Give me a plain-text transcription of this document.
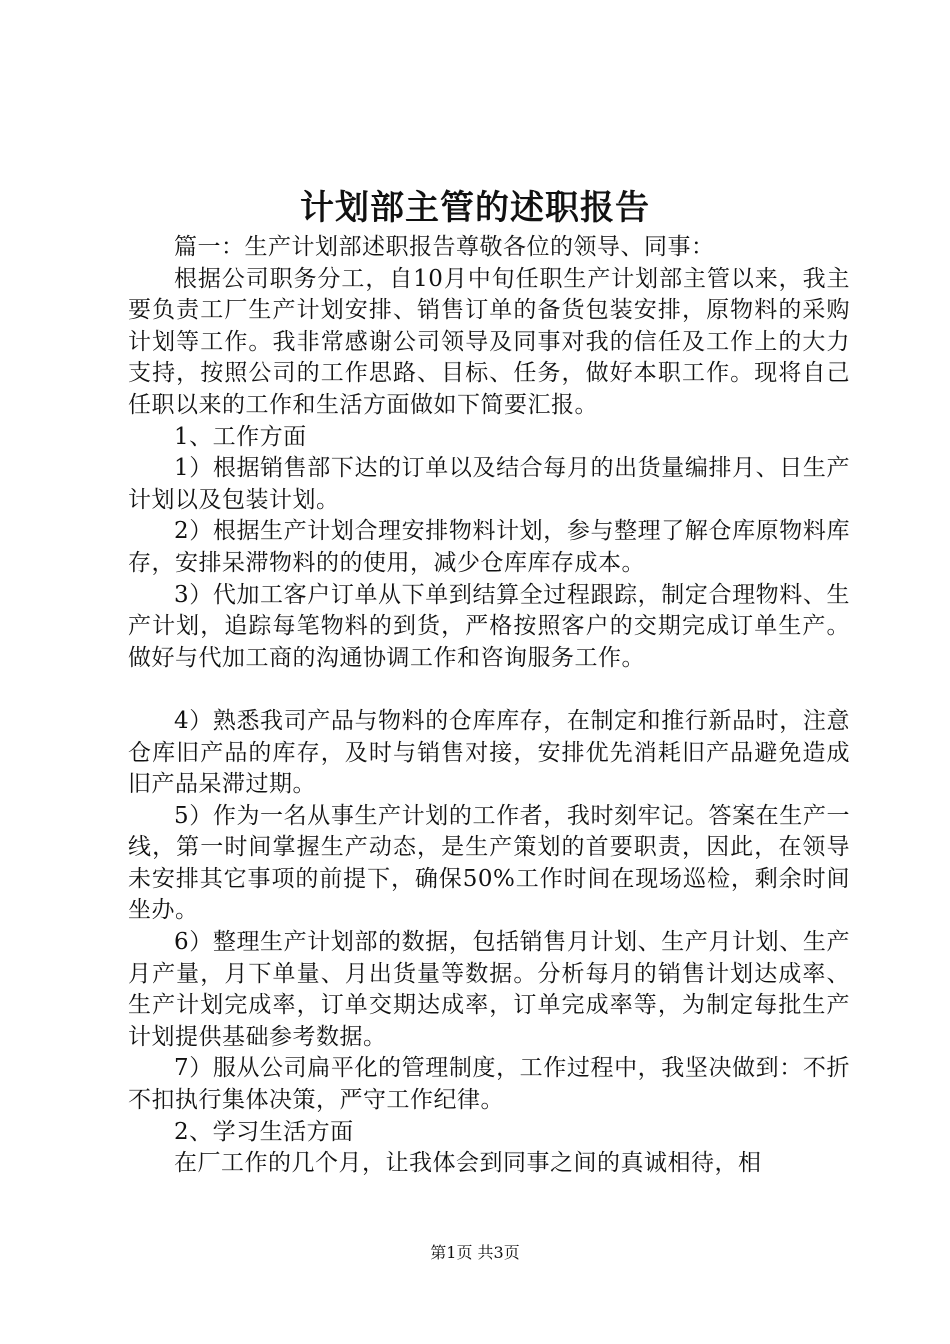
计划部主管的述职报告

篇一：生产计划部述职报告尊敬各位的领导、同事：

根据公司职务分工，自10月中旬任职生产计划部主管以来，我主要负责工厂生产计划安排、销售订单的备货包装安排，原物料的采购计划等工作。我非常感谢公司领导及同事对我的信任及工作上的大力支持，按照公司的工作思路、目标、任务，做好本职工作。现将自己任职以来的工作和生活方面做如下简要汇报。

1、工作方面

1）根据销售部下达的订单以及结合每月的出货量编排月、日生产计划以及包装计划。

2）根据生产计划合理安排物料计划，参与整理了解仓库原物料库存，安排呆滞物料的的使用，减少仓库库存成本。

3）代加工客户订单从下单到结算全过程跟踪，制定合理物料、生产计划，追踪每笔物料的到货，严格按照客户的交期完成订单生产。做好与代加工商的沟通协调工作和咨询服务工作。

4）熟悉我司产品与物料的仓库库存，在制定和推行新品时，注意仓库旧产品的库存，及时与销售对接，安排优先消耗旧产品避免造成旧产品呆滞过期。

5）作为一名从事生产计划的工作者，我时刻牢记。答案在生产一线，第一时间掌握生产动态，是生产策划的首要职责，因此，在领导未安排其它事项的前提下，确保50%工作时间在现场巡检，剩余时间坐办。

6）整理生产计划部的数据，包括销售月计划、生产月计划、生产月产量，月下单量、月出货量等数据。分析每月的销售计划达成率、生产计划完成率，订单交期达成率，订单完成率等，为制定每批生产计划提供基础参考数据。

7）服从公司扁平化的管理制度，工作过程中，我坚决做到：不折不扣执行集体决策，严守工作纪律。

2、学习生活方面

在厂工作的几个月，让我体会到同事之间的真诚相待，相

第1页 共3页
